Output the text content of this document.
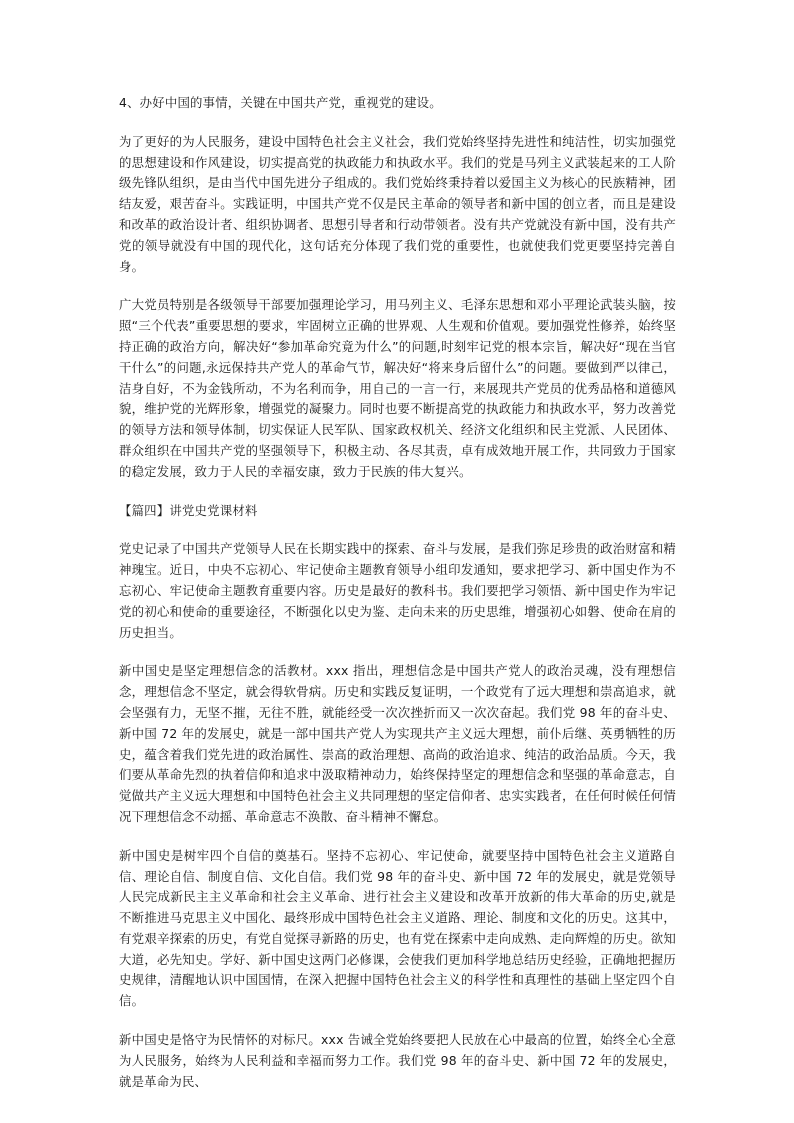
4、办好中国的事情，关键在中国共产党，重视党的建设。

为了更好的为人民服务，建设中国特色社会主义社会，我们党始终坚持先进性和纯洁性，切实加强党的思想建设和作风建设，切实提高党的执政能力和执政水平。我们的党是马列主义武装起来的工人阶级先锋队组织，是由当代中国先进分子组成的。我们党始终秉持着以爱国主义为核心的民族精神，团结友爱，艰苦奋斗。实践证明，中国共产党不仅是民主革命的领导者和新中国的创立者，而且是建设和改革的政治设计者、组织协调者、思想引导者和行动带领者。没有共产党就没有新中国，没有共产党的领导就没有中国的现代化，这句话充分体现了我们党的重要性，也就使我们党更要坚持完善自身。

广大党员特别是各级领导干部要加强理论学习，用马列主义、毛泽东思想和邓小平理论武装头脑，按照“三个代表”重要思想的要求，牢固树立正确的世界观、人生观和价值观。要加强党性修养，始终坚持正确的政治方向，解决好“参加革命究竟为什么”的问题,时刻牢记党的根本宗旨，解决好“现在当官干什么”的问题,永远保持共产党人的革命气节，解决好“将来身后留什么”的问题。要做到严以律己，洁身自好，不为金钱所动，不为名利而争，用自己的一言一行，来展现共产党员的优秀品格和道德风貌，维护党的光辉形象，增强党的凝聚力。同时也要不断提高党的执政能力和执政水平，努力改善党的领导方法和领导体制，切实保证人民军队、国家政权机关、经济文化组织和民主党派、人民团体、群众组织在中国共产党的坚强领导下，积极主动、各尽其责，卓有成效地开展工作，共同致力于国家的稳定发展，致力于人民的幸福安康，致力于民族的伟大复兴。

【篇四】讲党史党课材料

党史记录了中国共产党领导人民在长期实践中的探索、奋斗与发展，是我们弥足珍贵的政治财富和精神瑰宝。近日，中央不忘初心、牢记使命主题教育领导小组印发通知，要求把学习、新中国史作为不忘初心、牢记使命主题教育重要内容。历史是最好的教科书。我们要把学习领悟、新中国史作为牢记党的初心和使命的重要途径，不断强化以史为鉴、走向未来的历史思维，增强初心如磐、使命在肩的历史担当。

新中国史是坚定理想信念的活教材。xxx 指出，理想信念是中国共产党人的政治灵魂，没有理想信念，理想信念不坚定，就会得软骨病。历史和实践反复证明，一个政党有了远大理想和崇高追求，就会坚强有力，无坚不摧，无往不胜，就能经受一次次挫折而又一次次奋起。我们党 98 年的奋斗史、新中国 72 年的发展史，就是一部中国共产党人为实现共产主义远大理想，前仆后继、英勇牺牲的历史，蕴含着我们党先进的政治属性、崇高的政治理想、高尚的政治追求、纯洁的政治品质。今天，我们要从革命先烈的执着信仰和追求中汲取精神动力，始终保持坚定的理想信念和坚强的革命意志，自觉做共产主义远大理想和中国特色社会主义共同理想的坚定信仰者、忠实实践者，在任何时候任何情况下理想信念不动摇、革命意志不涣散、奋斗精神不懈怠。

新中国史是树牢四个自信的奠基石。坚持不忘初心、牢记使命，就要坚持中国特色社会主义道路自信、理论自信、制度自信、文化自信。我们党 98 年的奋斗史、新中国 72 年的发展史，就是党领导人民完成新民主主义革命和社会主义革命、进行社会主义建设和改革开放新的伟大革命的历史,就是不断推进马克思主义中国化、最终形成中国特色社会主义道路、理论、制度和文化的历史。这其中，有党艰辛探索的历史，有党自觉探寻新路的历史，也有党在探索中走向成熟、走向辉煌的历史。欲知大道，必先知史。学好、新中国史这两门必修课，会使我们更加科学地总结历史经验，正确地把握历史规律，清醒地认识中国国情，在深入把握中国特色社会主义的科学性和真理性的基础上坚定四个自信。

新中国史是恪守为民情怀的对标尺。xxx 告诫全党始终要把人民放在心中最高的位置，始终全心全意为人民服务，始终为人民利益和幸福而努力工作。我们党 98 年的奋斗史、新中国 72 年的发展史，就是革命为民、
